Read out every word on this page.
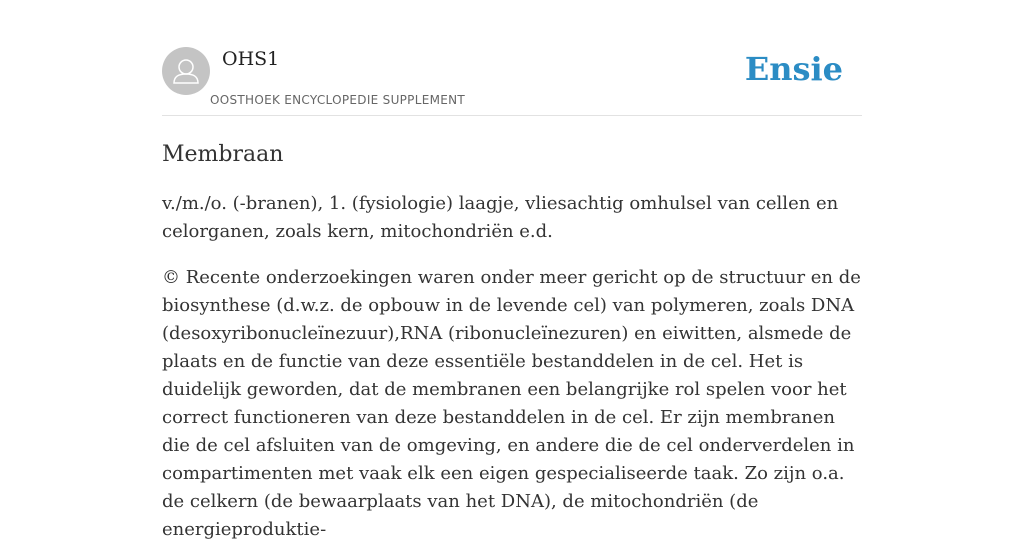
OHS1
OOSTHOEK ENCYCLOPEDIE SUPPLEMENT
Ensie
Membraan

v./m./o. (-branen), 1. (fysiologie) laagje, vliesachtig omhulsel van cellen en celorganen, zoals kern, mitochondriën e.d.

© Recente onderzoekingen waren onder meer gericht op de structuur en de biosynthese (d.w.z. de opbouw in de levende cel) van polymeren, zoals DNA (desoxyribonucleïnezuur),RNA (ribonucleïnezuren) en eiwitten, alsmede de plaats en de functie van deze essentiële bestanddelen in de cel. Het is duidelijk geworden, dat de membranen een belangrijke rol spelen voor het correct functioneren van deze bestanddelen in de cel. Er zijn membranen die de cel afsluiten van de omgeving, en andere die de cel onderverdelen in compartimenten met vaak elk een eigen gespecialiseerde taak. Zo zijn o.a. de celkern (de bewaarplaats van het DNA), de mitochondriën (de energieproduktie-
